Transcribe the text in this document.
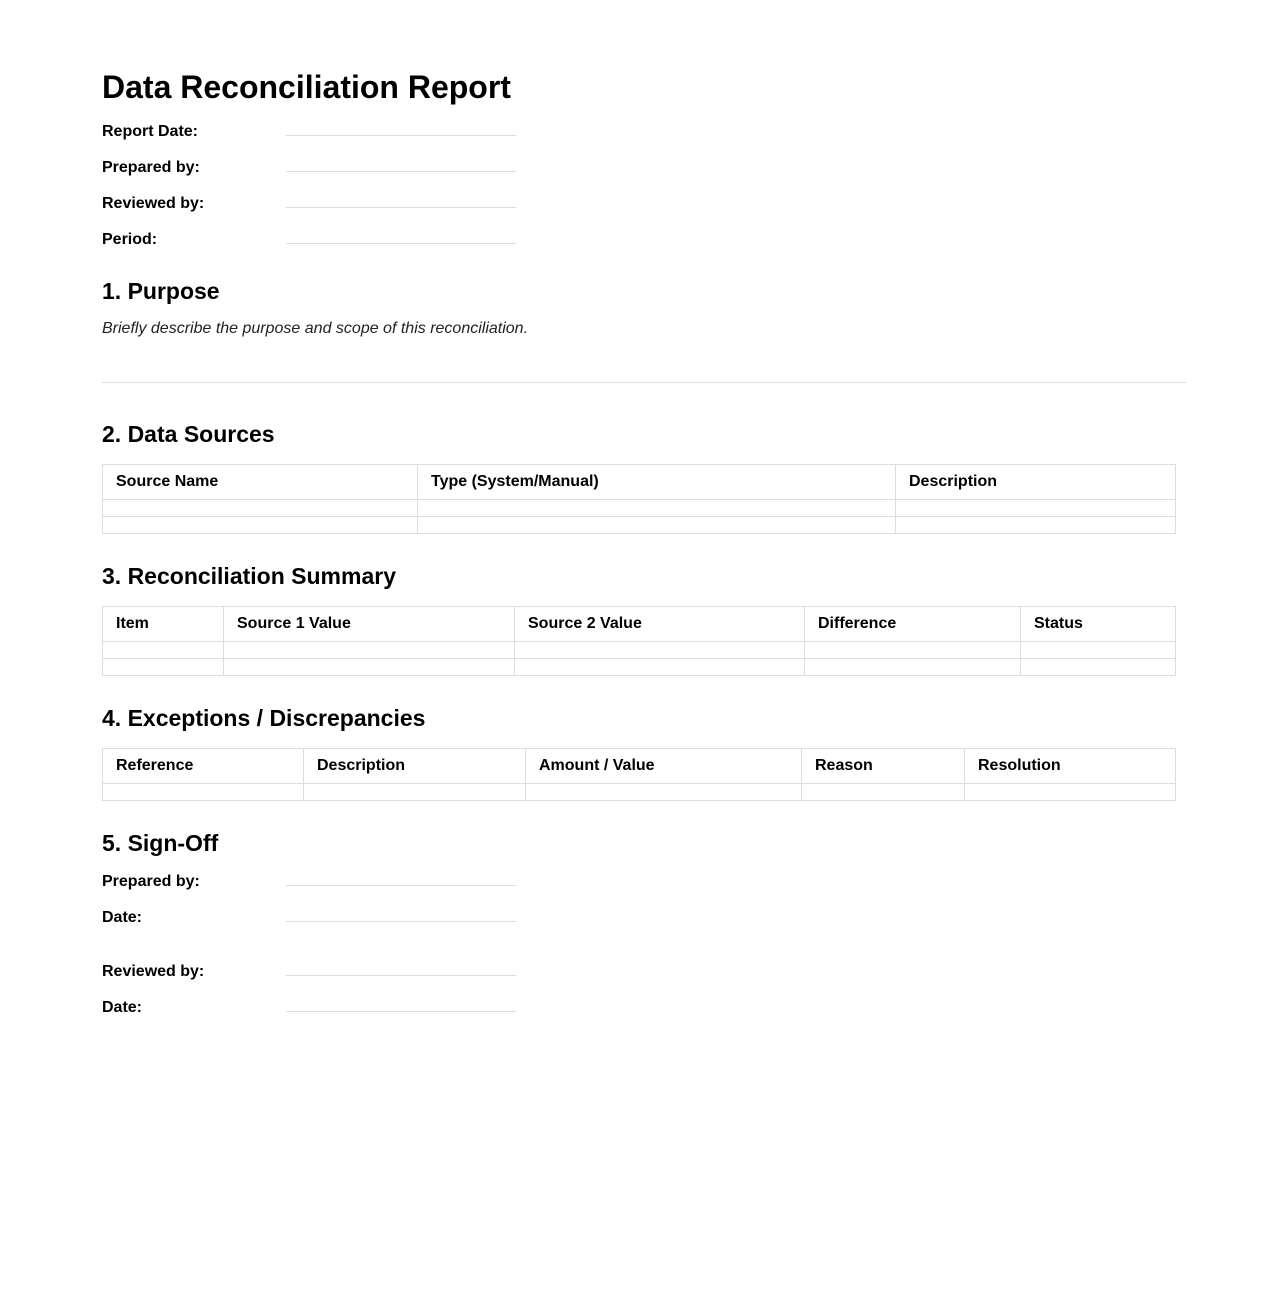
Data Reconciliation Report
Report Date:
Prepared by:
Reviewed by:
Period:
1. Purpose
Briefly describe the purpose and scope of this reconciliation.
2. Data Sources
Source Name	Type (System/Manual)	Description

3. Reconciliation Summary
Item	Source 1 Value	Source 2 Value	Difference	Status

4. Exceptions / Discrepancies
Reference	Description	Amount / Value	Reason	Resolution

5. Sign-Off
Prepared by:
Date:
Reviewed by:
Date:
